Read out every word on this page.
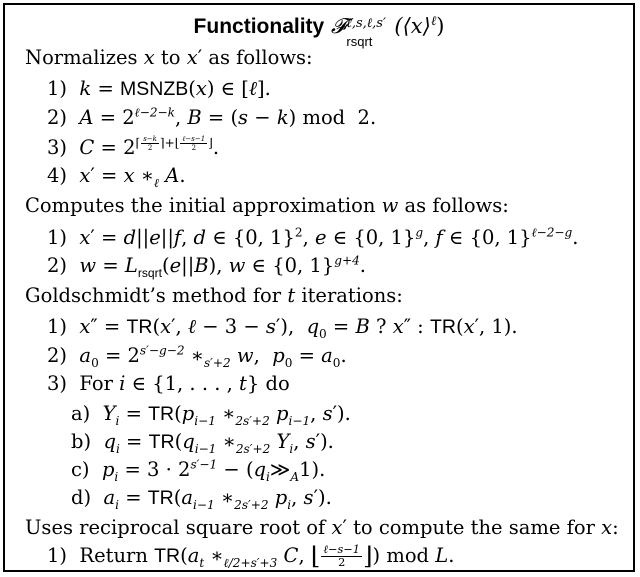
Functionality 𝓕 ℓ,s,ℓ,s′
rsqrt
(⟨x⟩$^\ell$)
Normalizes x to x′ as follows:
1)  k = MSNZB(x) ∈ [ℓ].
2)  $A = 2^{\ell-2-k}$, B = (s − k) mod  2.
3)  $C = 2^{⌈ \frac{s-k}{2} ⌉+⌊ \frac{\text{ℓ−s−1}}{2} ⌋}$.
4)  x′ = x $∗_\ell$ A.
Computes the initial approximation w as follows:
1)  x′ = d||e||f, d ∈ {0, 1}$^2$, e ∈ {0, 1}$^g$, f ∈ {0, 1}$^{\ell-2-g}$.
2)  $w = L_{rsqrt}(e||B)$, w ∈ {0, 1}$^{g+4}$.
Goldschmidt’s method for t iterations:
1)  x″ = TR(x′, ℓ − 3 − s′),  $q_0 = B$ ? x″ : TR(x′, 1).
2)  $a_0 = 2^{s'-g-2}$ $∗_{s'+2}$ w,  $p_0 = a_0$.
3)  For i ∈ {1, . . . , t} do
a)  $Y_i = TR(p_{i-1}$ $∗_{2s'+2}$ $p_{i-1}$, s′).
b)  $q_i = TR(q_{i-1}$ $∗_{2s'+2}$ $Y_i$, s′).
c)  $p_i = 3 \cdot 2^{s'-1}$ − $(q_i≫_A1)$.
d)  $a_i = TR(a_{i-1}$ $∗_{2s'+2}$ $p_i$, s′).
Uses reciprocal square root of x′ to compute the same for x:
1)  Return $TR(a_t$ $∗_{\ell/2+s'+3}$ C, ⌊ $\frac{\text{ℓ−s−1}}{2}$ ⌋) mod L.
